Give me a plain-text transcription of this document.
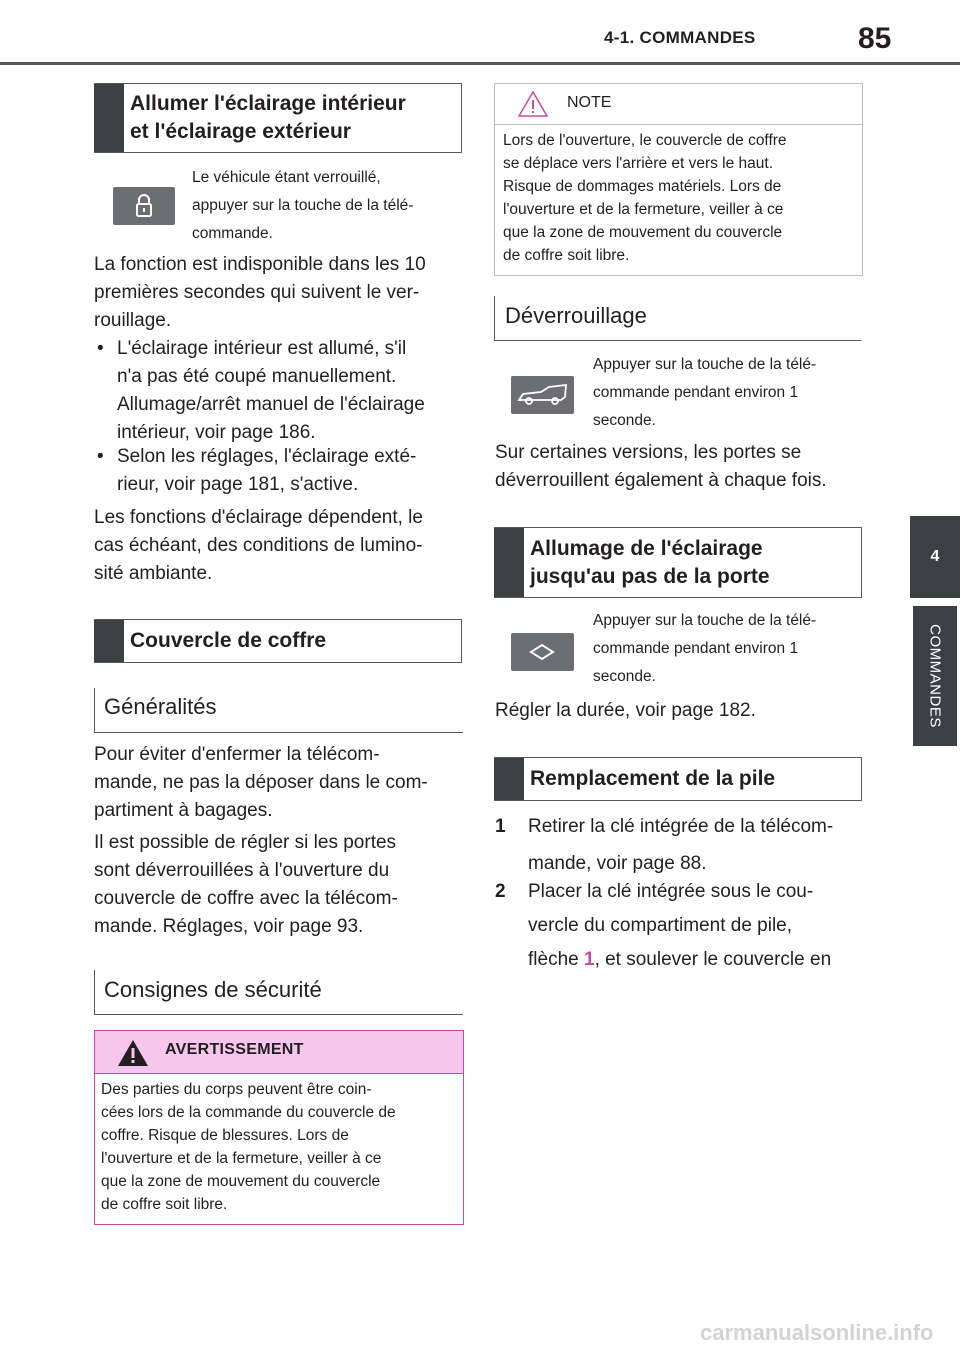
4-1. COMMANDES	85
4
COMMANDES
Allumer l'éclairage intérieur
et l'éclairage extérieur
Le véhicule étant verrouillé,
appuyer sur la touche de la télé-
commande.
La fonction est indisponible dans les 10
premières secondes qui suivent le ver-
rouillage.
• L'éclairage intérieur est allumé, s'il
n'a pas été coupé manuellement.
Allumage/arrêt manuel de l'éclairage
intérieur, voir page 186.
• Selon les réglages, l'éclairage exté-
rieur, voir page 181, s'active.
Les fonctions d'éclairage dépendent, le
cas échéant, des conditions de lumino-
sité ambiante.
Couvercle de coffre
Généralités
Pour éviter d'enfermer la télécom-
mande, ne pas la déposer dans le com-
partiment à bagages.
Il est possible de régler si les portes
sont déverrouillées à l'ouverture du
couvercle de coffre avec la télécom-
mande. Réglages, voir page 93.
Consignes de sécurité
AVERTISSEMENT
Des parties du corps peuvent être coin-
cées lors de la commande du couvercle de
coffre. Risque de blessures. Lors de
l'ouverture et de la fermeture, veiller à ce
que la zone de mouvement du couvercle
de coffre soit libre.
NOTE
Lors de l'ouverture, le couvercle de coffre
se déplace vers l'arrière et vers le haut.
Risque de dommages matériels. Lors de
l'ouverture et de la fermeture, veiller à ce
que la zone de mouvement du couvercle
de coffre soit libre.
Déverrouillage
Appuyer sur la touche de la télé-
commande pendant environ 1
seconde.
Sur certaines versions, les portes se
déverrouillent également à chaque fois.
Allumage de l'éclairage
jusqu'au pas de la porte
Appuyer sur la touche de la télé-
commande pendant environ 1
seconde.
Régler la durée, voir page 182.
Remplacement de la pile
1 Retirer la clé intégrée de la télécom-
mande, voir page 88.
2 Placer la clé intégrée sous le cou-
vercle du compartiment de pile,
flèche 1, et soulever le couvercle en
carmanualsonline.info
